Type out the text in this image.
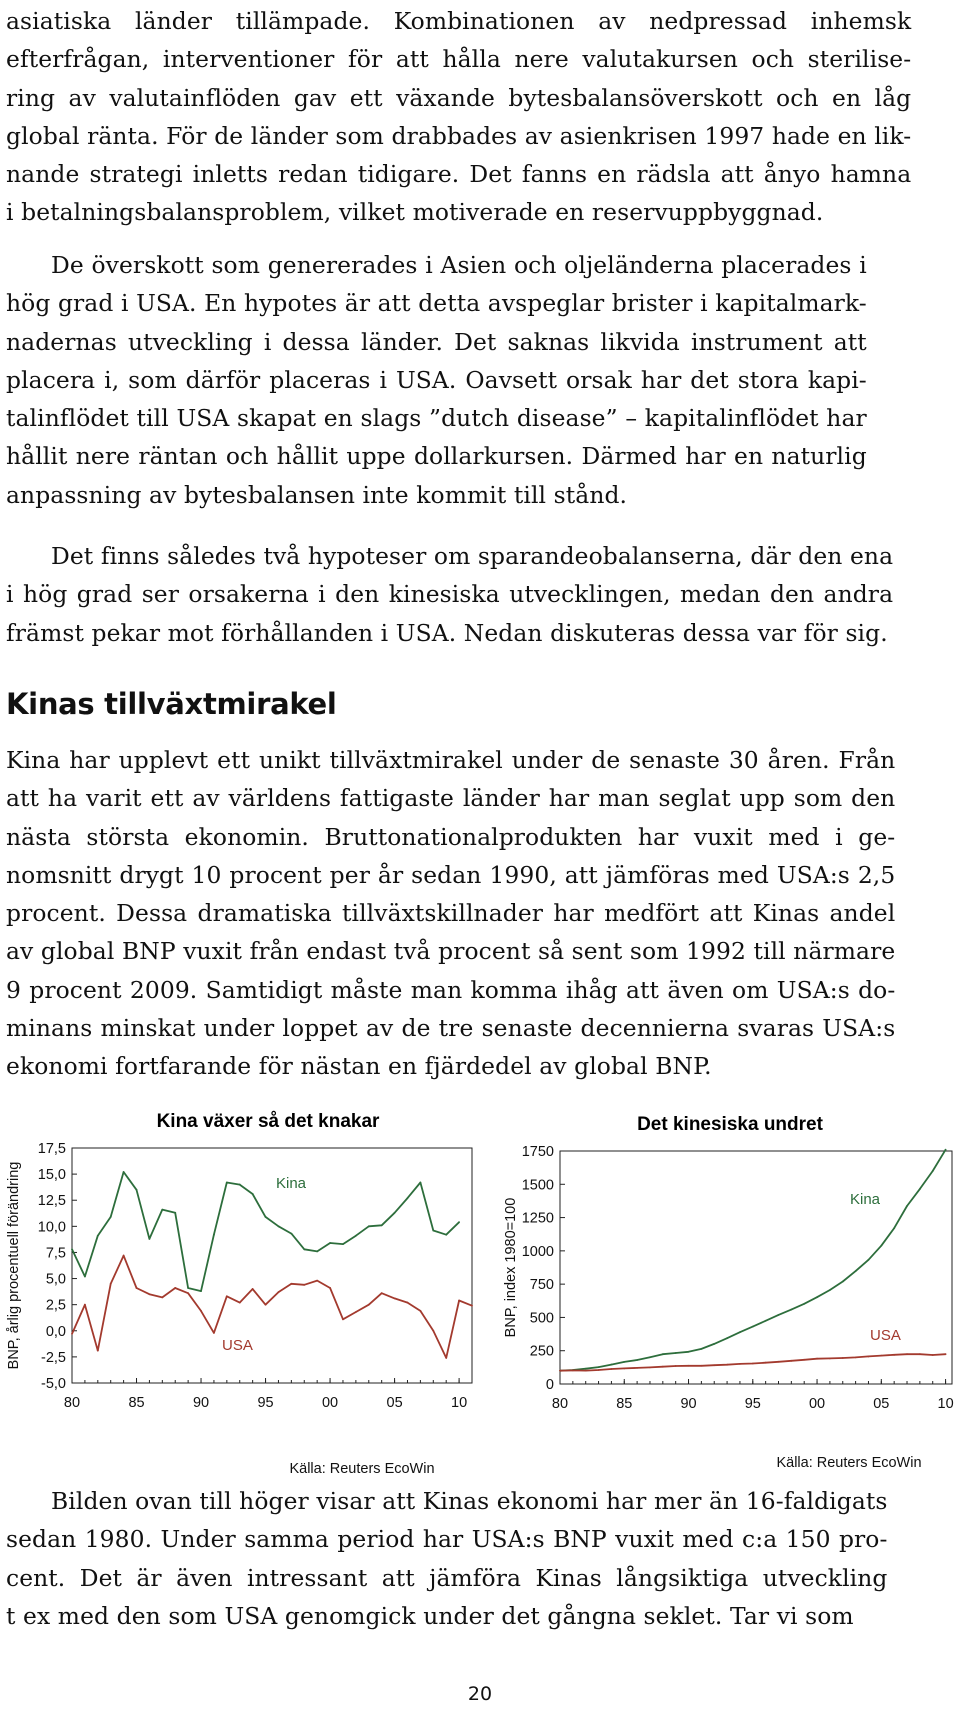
asiatiska länder tillämpade. Kombinationen av nedpressad inhemsk
efterfrågan, interventioner för att hålla nere valutakursen och sterilise-
ring av valutainflöden gav ett växande bytesbalansöverskott och en låg
global ränta. För de länder som drabbades av asienkrisen 1997 hade en lik-
nande strategi inletts redan tidigare. Det fanns en rädsla att ånyo hamna
i betalningsbalansproblem, vilket motiverade en reservuppbyggnad.
De överskott som genererades i Asien och oljeländerna placerades i
hög grad i USA. En hypotes är att detta avspeglar brister i kapitalmark-
nadernas utveckling i dessa länder. Det saknas likvida instrument att
placera i, som därför placeras i USA. Oavsett orsak har det stora kapi-
talinflödet till USA skapat en slags ”dutch disease” – kapitalinflödet har
hållit nere räntan och hållit uppe dollarkursen. Därmed har en naturlig
anpassning av bytesbalansen inte kommit till stånd.
Det finns således två hypoteser om sparandeobalanserna, där den ena
i hög grad ser orsakerna i den kinesiska utvecklingen, medan den andra
främst pekar mot förhållanden i USA. Nedan diskuteras dessa var för sig.
Kinas tillväxtmirakel
Kina har upplevt ett unikt tillväxtmirakel under de senaste 30 åren. Från
att ha varit ett av världens fattigaste länder har man seglat upp som den
nästa största ekonomin. Bruttonationalprodukten har vuxit med i ge-
nomsnitt drygt 10 procent per år sedan 1990, att jämföras med USA:s 2,5
procent. Dessa dramatiska tillväxtskillnader har medfört att Kinas andel
av global BNP vuxit från endast två procent så sent som 1992 till närmare
9 procent 2009. Samtidigt måste man komma ihåg att även om USA:s do-
minans minskat under loppet av de tre senaste decennierna svaras USA:s
ekonomi fortfarande för nästan en fjärdedel av global BNP.
Bilden ovan till höger visar att Kinas ekonomi har mer än 16-faldigats
sedan 1980. Under samma period har USA:s BNP vuxit med c:a 150 pro-
cent. Det är även intressant att jämföra Kinas långsiktiga utveckling
t ex med den som USA genomgick under det gångna seklet. Tar vi som
Kina växer så det knakar
17,5
15,0
12,5
10,0
7,5
5,0
2,5
0,0
-2,5
-5,0
80	85	90	95	00	05	10
BNP, årlig procentuell förändring	Kina
USA
Källa: Reuters EcoWin
Det kinesiska undret
1750
1500
1250
1000
750
500
250
0
80	85	90	95	00	05	10
BNP, index 1980=100	Kina
USA
Källa: Reuters EcoWin
20
